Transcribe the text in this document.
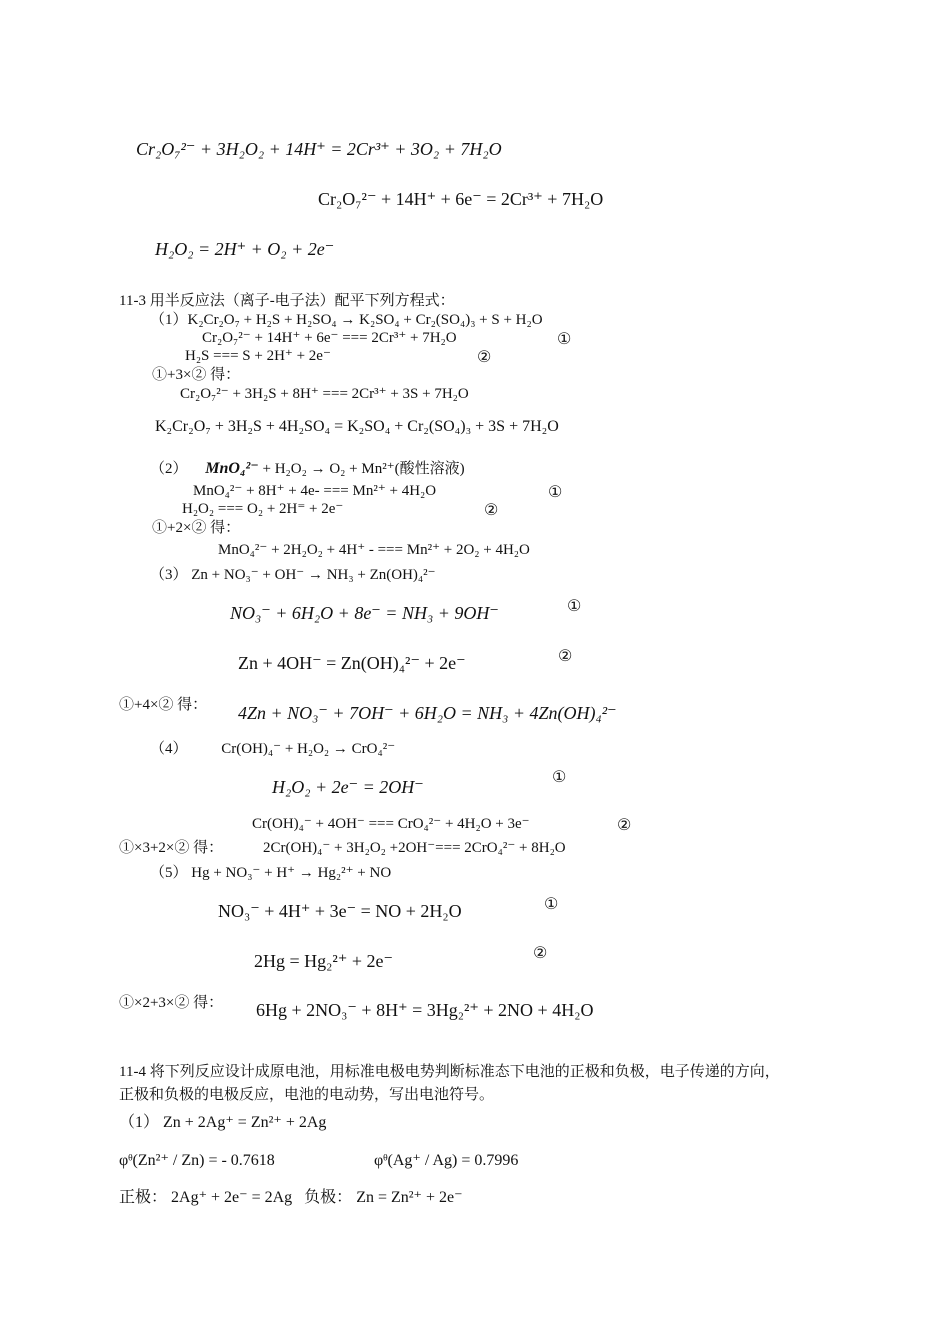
Cr₂O₇²⁻ + 3H₂O₂ + 14H⁺ = 2Cr³⁺ + 3O₂ + 7H₂O
Cr₂O₇²⁻ + 14H⁺ + 6e⁻ = 2Cr³⁺ + 7H₂O
H₂O₂ = 2H⁺ + O₂ + 2e⁻
11-3 用半反应法（离子-电子法）配平下列方程式：
（1）K₂Cr₂O₇ + H₂S + H₂SO₄ → K₂SO₄ + Cr₂(SO₄)₃ + S + H₂O
Cr₂O₇²⁻ + 14H⁺ + 6e⁻ === 2Cr³⁺ + 7H₂O	①
H₂S === S + 2H⁺ + 2e⁻	②
①+3×② 得：
Cr₂O₇²⁻ + 3H₂S + 8H⁺ === 2Cr³⁺ + 3S + 7H₂O
K₂Cr₂O₇ + 3H₂S + 4H₂SO₄ = K₂SO₄ + Cr₂(SO₄)₃ + 3S + 7H₂O
（2） MnO₄²⁻ + H₂O₂ → O₂ + Mn²⁺(酸性溶液)
MnO₄²⁻ + 8H⁺ + 4e- === Mn²⁺ + 4H₂O	①
H₂O₂ === O₂ + 2H⁼ + 2e⁻	②
①+2×② 得：
MnO₄²⁻ + 2H₂O₂ + 4H⁺ - === Mn²⁺ + 2O₂ + 4H₂O
（3） Zn + NO₃⁻ + OH⁻ → NH₃ + Zn(OH)₄²⁻
NO₃⁻ + 6H₂O + 8e⁻ = NH₃ + 9OH⁻	①
Zn + 4OH⁻ = Zn(OH)₄²⁻ + 2e⁻	②
①+4×② 得： 4Zn + NO₃⁻ + 7OH⁻ + 6H₂O = NH₃ + 4Zn(OH)₄²⁻
（4） Cr(OH)₄⁻ + H₂O₂ → CrO₄²⁻
H₂O₂ + 2e⁻ = 2OH⁻	①
Cr(OH)₄⁻ + 4OH⁻ === CrO₄²⁻ + 4H₂O + 3e⁻	②
①×3+2×② 得：	2Cr(OH)₄⁻ + 3H₂O₂ +2OH⁻=== 2CrO₄²⁻ + 8H₂O
（5） Hg + NO₃⁻ + H⁺ → Hg₂²⁺ + NO
NO₃⁻ + 4H⁺ + 3e⁻ = NO + 2H₂O	①
2Hg = Hg₂²⁺ + 2e⁻	②
①×2+3×② 得： 6Hg + 2NO₃⁻ + 8H⁺ = 3Hg₂²⁺ + 2NO + 4H₂O
11-4 将下列反应设计成原电池，用标准电极电势判断标准态下电池的正极和负极，电子传递的方向，
正极和负极的电极反应，电池的电动势，写出电池符号。
（1） Zn + 2Ag⁺ = Zn²⁺ + 2Ag
φᶿ(Zn²⁺ / Zn) = - 0.7618	φᶿ(Ag⁺ / Ag) = 0.7996
正极： 2Ag⁺ + 2e⁻ = 2Ag 负极： Zn = Zn²⁺ + 2e⁻
